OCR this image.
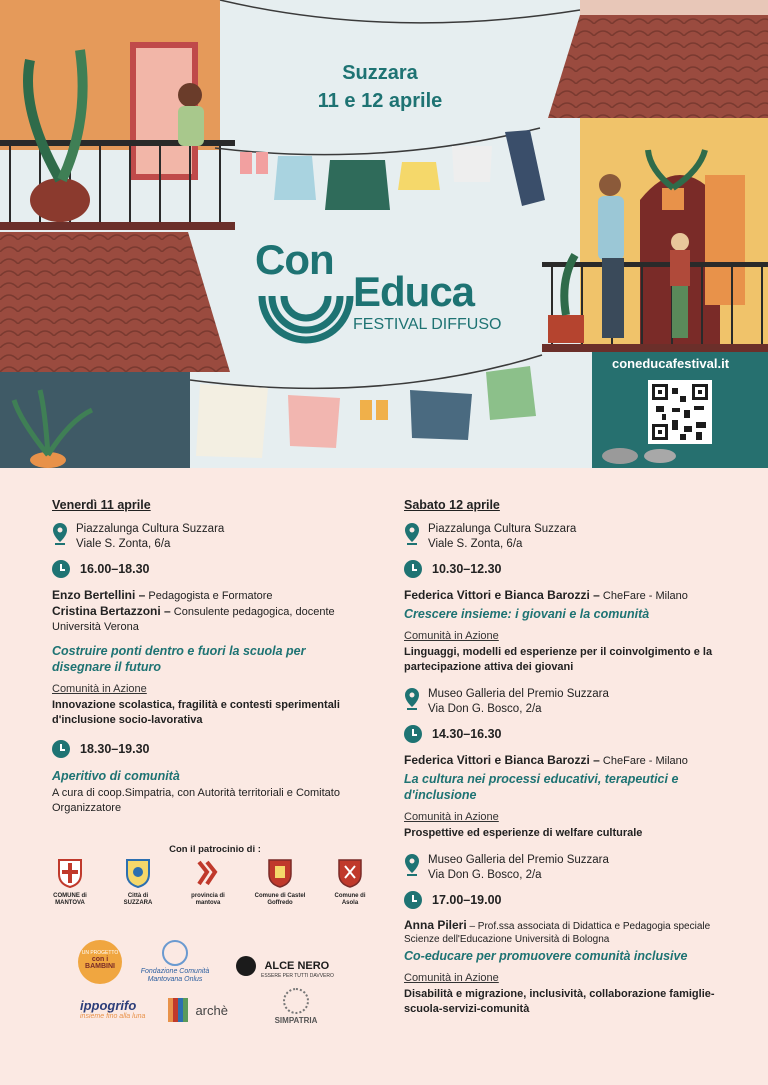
Suzzara
11 e 12 aprile
Con
Educa
FESTIVAL DIFFUSO
coneducafestival.it
Venerdì 11 aprile
Piazzalunga Cultura Suzzara
Viale S. Zonta, 6/a
16.00–18.30
Enzo Bertellini – Pedagogista e Formatore
Cristina Bertazzoni – Consulente pedagogica, docente Università Verona
Costruire ponti dentro e fuori la scuola per disegnare il futuro
Comunità in Azione
Innovazione scolastica, fragilità e contesti sperimentali d'inclusione socio-lavorativa
18.30–19.30
Aperitivo di comunità
A cura di coop.Simpatria, con Autorità territoriali e Comitato Organizzatore
Sabato 12 aprile
Piazzalunga Cultura Suzzara
Viale S. Zonta, 6/a
10.30–12.30
Federica Vittori e Bianca Barozzi – CheFare - Milano
Crescere insieme: i giovani e la comunità
Comunità in Azione
Linguaggi, modelli ed esperienze per il coinvolgimento e la partecipazione attiva dei giovani
Museo Galleria del Premio Suzzara
Via Don G. Bosco, 2/a
14.30–16.30
Federica Vittori e Bianca Barozzi – CheFare - Milano
La cultura nei processi educativi, terapeutici e d'inclusione
Comunità in Azione
Prospettive ed esperienze di welfare culturale
Museo Galleria del Premio Suzzara
Via Don G. Bosco, 2/a
17.00–19.00
Anna Pileri – Prof.ssa associata di Didattica e Pedagogia speciale Scienze dell'Educazione Università di Bologna
Co-educare per promuovere comunità inclusive
Comunità in Azione
Disabilità e migrazione, inclusività, collaborazione famiglie-scuola-servizi-comunità
Con il patrocinio di :
COMUNE di MANTOVA
Città di SUZZARA
provincia di mantova
Comune di Castel Goffredo
Comune di Asola
UN PROGETTO
con i BAMBINI
Fondazione Comunità Mantovana Onlus
ALCE NERO
ESSERE PER TUTTI DAVVERO
ippogrifo
insieme fino alla luna	archè
SIMPATRIA
